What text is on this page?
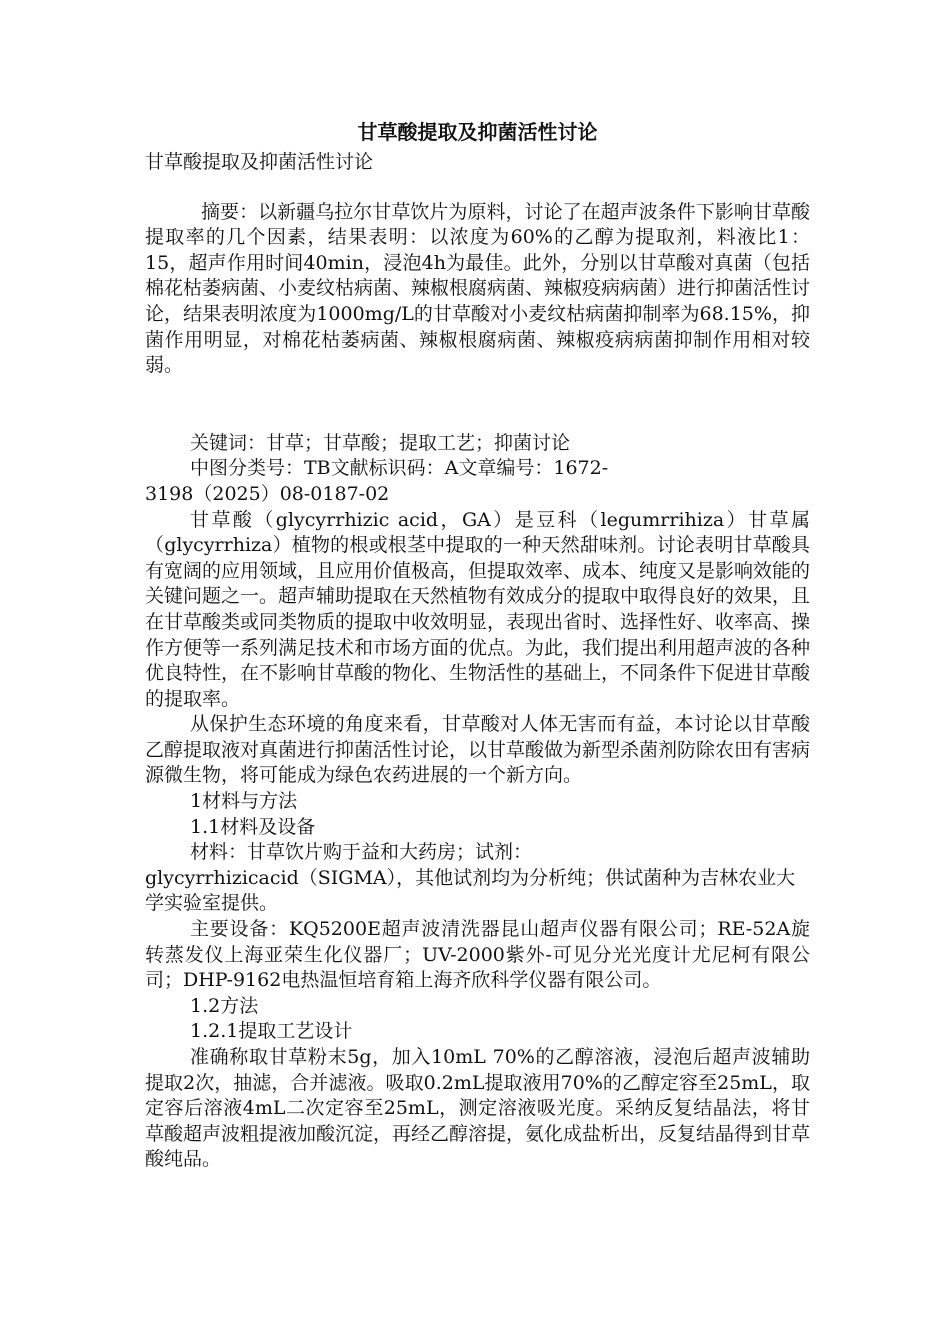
甘草酸提取及抑菌活性讨论
甘草酸提取及抑菌活性讨论

摘要：以新疆乌拉尔甘草饮片为原料，讨论了在超声波条件下影响甘草酸提取率的几个因素，结果表明：以浓度为60%的乙醇为提取剂，料液比1：15，超声作用时间40min，浸泡4h为最佳。此外，分别以甘草酸对真菌（包括棉花枯萎病菌、小麦纹枯病菌、辣椒根腐病菌、辣椒疫病病菌）进行抑菌活性讨论，结果表明浓度为1000mg/L的甘草酸对小麦纹枯病菌抑制率为68.15%，抑菌作用明显，对棉花枯萎病菌、辣椒根腐病菌、辣椒疫病病菌抑制作用相对较弱。

关键词：甘草；甘草酸；提取工艺；抑菌讨论

中图分类号：TB文献标识码：A文章编号：1672-

3198（2025）08-0187-02

甘草酸（glycyrrhizic acid，GA）是豆科（legumrrihiza）甘草属（glycyrrhiza）植物的根或根茎中提取的一种天然甜味剂。讨论表明甘草酸具有宽阔的应用领域，且应用价值极高，但提取效率、成本、纯度又是影响效能的关键问题之一。超声辅助提取在天然植物有效成分的提取中取得良好的效果，且在甘草酸类或同类物质的提取中收效明显，表现出省时、选择性好、收率高、操作方便等一系列满足技术和市场方面的优点。为此，我们提出利用超声波的各种优良特性，在不影响甘草酸的物化、生物活性的基础上，不同条件下促进甘草酸的提取率。

从保护生态环境的角度来看，甘草酸对人体无害而有益，本讨论以甘草酸乙醇提取液对真菌进行抑菌活性讨论，以甘草酸做为新型杀菌剂防除农田有害病源微生物，将可能成为绿色农药进展的一个新方向。

1材料与方法

1.1材料及设备

材料：甘草饮片购于益和大药房；试剂：

glycyrrhizicacid（SIGMA），其他试剂均为分析纯；供试菌种为吉林农业大学实验室提供。

主要设备：KQ5200E超声波清洗器昆山超声仪器有限公司；RE-52A旋转蒸发仪上海亚荣生化仪器厂；UV-2000紫外-可见分光光度计尤尼柯有限公司；DHP-9162电热温恒培育箱上海齐欣科学仪器有限公司。

1.2方法

1.2.1提取工艺设计

准确称取甘草粉末5g，加入10mL 70%的乙醇溶液，浸泡后超声波辅助提取2次，抽滤，合并滤液。吸取0.2mL提取液用70%的乙醇定容至25mL，取定容后溶液4mL二次定容至25mL，测定溶液吸光度。采纳反复结晶法，将甘草酸超声波粗提液加酸沉淀，再经乙醇溶提，氨化成盐析出，反复结晶得到甘草酸纯品。
